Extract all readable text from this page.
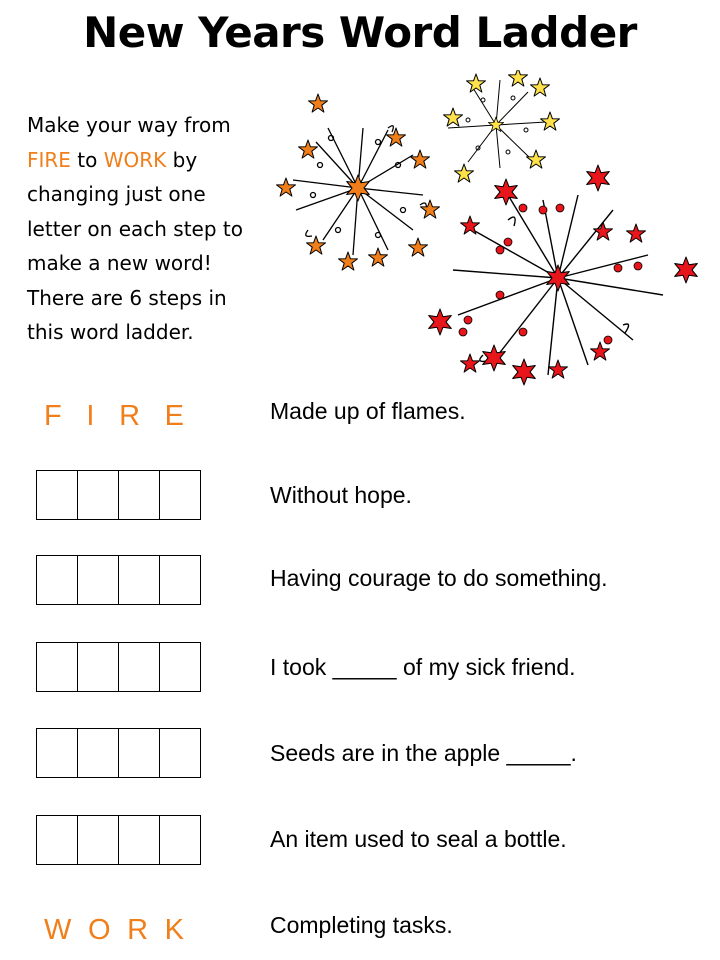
New Years Word Ladder
Make your way from
FIRE to WORK by
changing just one
letter on each step to
make a new word!
There are 6 steps in
this word ladder.
F I R E	Made up of flames.
Without hope.
Having courage to do something.
I took _____ of my sick friend.
Seeds are in the apple _____.
An item used to seal a bottle.
W O R K	Completing tasks.
